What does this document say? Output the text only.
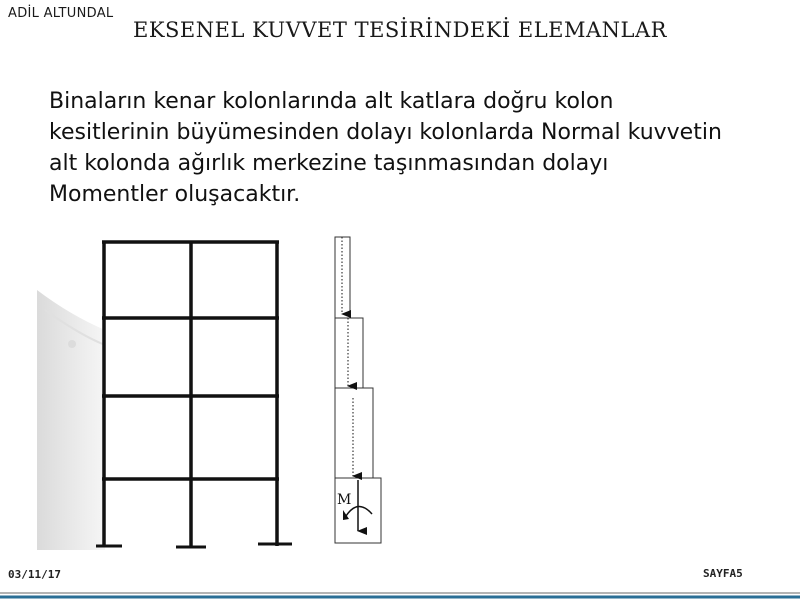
ADİL ALTUNDAL
EKSENEL KUVVET TESİRİNDEKİ ELEMANLAR
Binaların kenar kolonlarında alt katlara doğru kolon
kesitlerinin büyümesinden dolayı kolonlarda Normal kuvvetin
alt kolonda ağırlık merkezine taşınmasından dolayı
Momentler oluşacaktır.
M
03/11/17	SAYFA5
